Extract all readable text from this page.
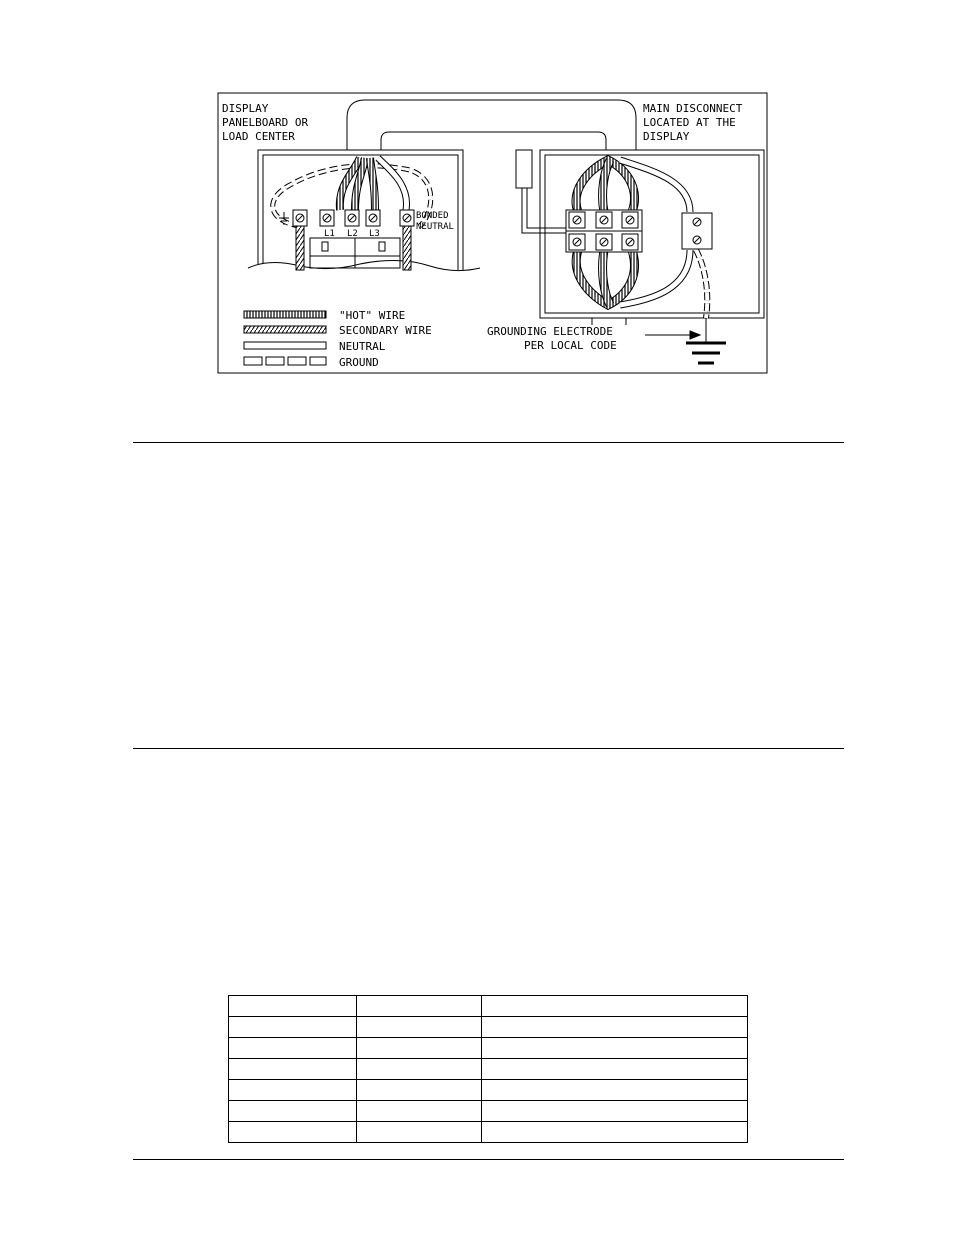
DISPLAY
PANELBOARD OR
LOAD CENTER
MAIN DISCONNECT
LOCATED AT THE
DISPLAY
L1 L2 L3
BONDED
NEUTRAL
GROUNDING ELECTRODE
PER LOCAL CODE
"HOT" WIRE
SECONDARY WIRE
NEUTRAL
GROUND
